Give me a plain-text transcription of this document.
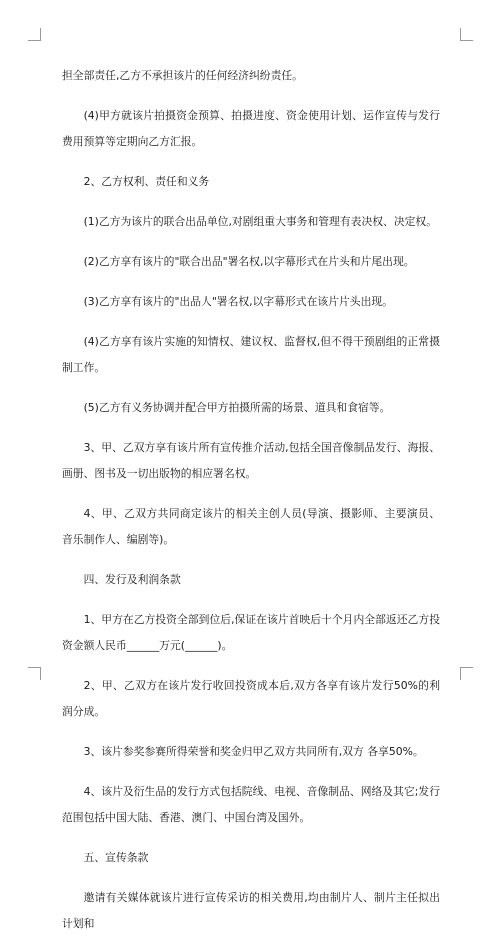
担全部责任,乙方不承担该片的任何经济纠纷责任。

(4)甲方就该片拍摄资金预算、拍摄进度、资金使用计划、运作宣传与发行费用预算等定期向乙方汇报。

2、乙方权利、责任和义务

(1)乙方为该片的联合出品单位,对剧组重大事务和管理有表决权、决定权。

(2)乙方享有该片的"联合出品"署名权,以字幕形式在片头和片尾出现。

(3)乙方享有该片的"出品人"署名权,以字幕形式在该片片头出现。

(4)乙方享有该片实施的知情权、建议权、监督权,但不得干预剧组的正常摄制工作。

(5)乙方有义务协调并配合甲方拍摄所需的场景、道具和食宿等。

3、甲、乙双方享有该片所有宣传推介活动,包括全国音像制品发行、海报、画册、图书及一切出版物的相应署名权。

4、甲、乙双方共同商定该片的相关主创人员(导演、摄影师、主要演员、音乐制作人、编剧等)。

四、发行及利润条款

1、甲方在乙方投资全部到位后,保证在该片首映后十个月内全部返还乙方投资金额人民币______万元(______)。

2、甲、乙双方在该片发行收回投资成本后,双方各享有该片发行50%的利润分成。

3、该片参奖参赛所得荣誉和奖金归甲乙双方共同所有,双方 各享50%。

4、该片及衍生品的发行方式包括院线、电视、音像制品、网络及其它;发行范围包括中国大陆、香港、澳门、中国台湾及国外。

五、宣传条款

邀请有关媒体就该片进行宣传采访的相关费用,均由制片人、制片主任拟出计划和
